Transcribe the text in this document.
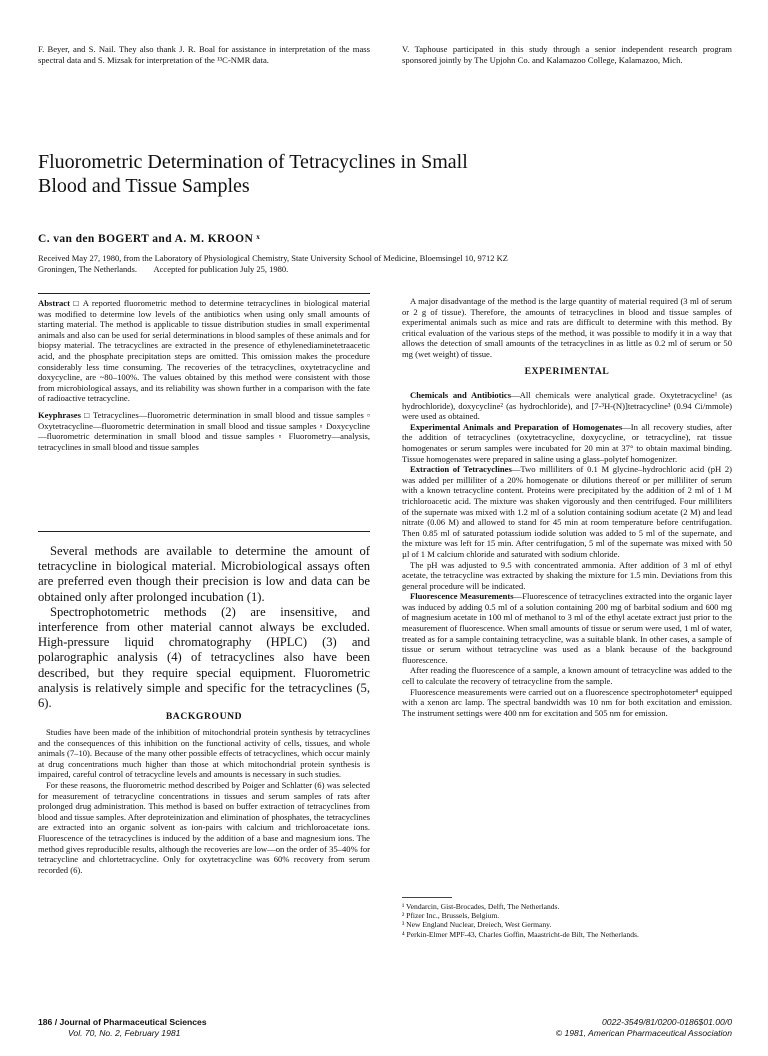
F. Beyer, and S. Nail. They also thank J. R. Boal for assistance in interpretation of the mass spectral data and S. Mizsak for interpretation of the ¹³C-NMR data.

V. Taphouse participated in this study through a senior independent research program sponsored jointly by The Upjohn Co. and Kalamazoo College, Kalamazoo, Mich.

Fluorometric Determination of Tetracyclines in Small
Blood and Tissue Samples
C. van den BOGERT and A. M. KROON ˣ
Received May 27, 1980, from the Laboratory of Physiological Chemistry, State University School of Medicine, Bloemsingel 10, 9712 KZ
Groningen, The Netherlands.        Accepted for publication July 25, 1980.

Abstract □ A reported fluorometric method to determine tetracyclines in biological material was modified to determine low levels of the antibiotics when using only small amounts of starting material. The method is applicable to tissue distribution studies in small experimental animals and also can be used for serial determinations in blood samples of these animals and for biopsy material. The tetracyclines are extracted in the presence of ethylenediaminetetraacetic acid, and the phosphate precipitation steps are omitted. This omission makes the procedure considerably less time consuming. The recoveries of the tetracyclines, oxytetracycline and doxycycline, are ~80–100%. The values obtained by this method were consistent with those from microbiological assays, and its reliability was shown further in a comparison with the fate of radioactive tetracycline.

Keyphrases □ Tetracyclines—fluorometric determination in small blood and tissue samples ▫ Oxytetracycline—fluorometric determination in small blood and tissue samples ▫ Doxycycline—fluorometric determination in small blood and tissue samples ▫ Fluorometry—analysis, tetracyclines in small blood and tissue samples

Several methods are available to determine the amount of tetracycline in biological material. Microbiological assays often are preferred even though their precision is low and data can be obtained only after prolonged incubation (1).

Spectrophotometric methods (2) are insensitive, and interference from other material cannot always be excluded. High-pressure liquid chromatography (HPLC) (3) and polarographic analysis (4) of tetracyclines also have been described, but they require special equipment. Fluorometric analysis is relatively simple and specific for the tetracyclines (5, 6).

BACKGROUND

Studies have been made of the inhibition of mitochondrial protein synthesis by tetracyclines and the consequences of this inhibition on the functional activity of cells, tissues, and whole animals (7–10). Because of the many other possible effects of tetracyclines, which occur mainly at drug concentrations much higher than those at which mitochondrial protein synthesis is impaired, careful control of tetracycline levels and amounts is necessary in such studies.

For these reasons, the fluorometric method described by Poiger and Schlatter (6) was selected for measurement of tetracycline concentrations in tissues and serum samples of rats after prolonged drug administration. This method is based on buffer extraction of tetracyclines from blood and tissue samples. After deproteinization and elimination of phosphates, the tetracyclines are extracted into an organic solvent as ion-pairs with calcium and trichloroacetate ions. Fluorescence of the tetracyclines is induced by the addition of a base and magnesium ions. The method gives reproducible results, although the recoveries are low—on the order of 35–40% for tetracycline and chlortetracycline. Only for oxytetracycline was 60% recovery from serum recorded (6).

A major disadvantage of the method is the large quantity of material required (3 ml of serum or 2 g of tissue). Therefore, the amounts of tetracyclines in blood and tissue samples of experimental animals such as mice and rats are difficult to determine with this method. By critical evaluation of the various steps of the method, it was possible to modify it in a way that allows the detection of small amounts of the tetracyclines in as little as 0.2 ml of serum or 50 mg (wet weight) of tissue.

EXPERIMENTAL

Chemicals and Antibiotics—All chemicals were analytical grade. Oxytetracycline¹ (as hydrochloride), doxycycline² (as hydrochloride), and [7-³H-(N)]tetracycline³ (0.94 Ci/mmole) were used as obtained.

Experimental Animals and Preparation of Homogenates—In all recovery studies, after the addition of tetracyclines (oxytetracycline, doxycycline, or tetracycline), rat tissue homogenates or serum samples were incubated for 20 min at 37° to obtain maximal binding. Tissue homogenates were prepared in saline using a glass–polytef homogenizer.

Extraction of Tetracyclines—Two milliliters of 0.1 M glycine–hydrochloric acid (pH 2) was added per milliliter of a 20% homogenate or dilutions thereof or per milliliter of serum with a known tetracycline content. Proteins were precipitated by the addition of 2 ml of 1 M trichloroacetic acid. The mixture was shaken vigorously and then centrifuged. Four milliliters of the supernate was mixed with 1.2 ml of a solution containing sodium acetate (2 M) and lead nitrate (0.06 M) and allowed to stand for 45 min at room temperature before centrifugation. Then 0.85 ml of saturated potassium iodide solution was added to 5 ml of the supernate, and the mixture was left for 15 min. After centrifugation, 5 ml of the supernate was mixed with 50 µl of 1 M calcium chloride and saturated with sodium chloride.

The pH was adjusted to 9.5 with concentrated ammonia. After addition of 3 ml of ethyl acetate, the tetracycline was extracted by shaking the mixture for 1.5 min. Deviations from this general procedure will be indicated.

Fluorescence Measurements—Fluorescence of tetracyclines extracted into the organic layer was induced by adding 0.5 ml of a solution containing 200 mg of barbital sodium and 600 mg of magnesium acetate in 100 ml of methanol to 3 ml of the ethyl acetate extract just prior to the measurement of fluorescence. When small amounts of tissue or serum were used, 1 ml of water, treated as for a sample containing tetracycline, was a suitable blank. In other cases, a sample of tissue or serum without tetracycline was used as a blank because of the background fluorescence.

After reading the fluorescence of a sample, a known amount of tetracycline was added to the cell to calculate the recovery of tetracycline from the sample.

Fluorescence measurements were carried out on a fluorescence spectrophotometer⁴ equipped with a xenon arc lamp. The spectral bandwidth was 10 nm for both excitation and emission. The instrument settings were 400 nm for excitation and 505 nm for emission.

¹ Vendarcin, Gist-Brocades, Delft, The Netherlands.
² Pfizer Inc., Brussels, Belgium.
³ New England Nuclear, Dreiech, West Germany.
⁴ Perkin-Elmer MPF-43, Charles Goffin, Maastricht-de Bilt, The Netherlands.
186 / Journal of Pharmaceutical Sciences
Vol. 70, No. 2, February 1981
0022-3549/81/0200-0186$01.00/0
© 1981, American Pharmaceutical Association
